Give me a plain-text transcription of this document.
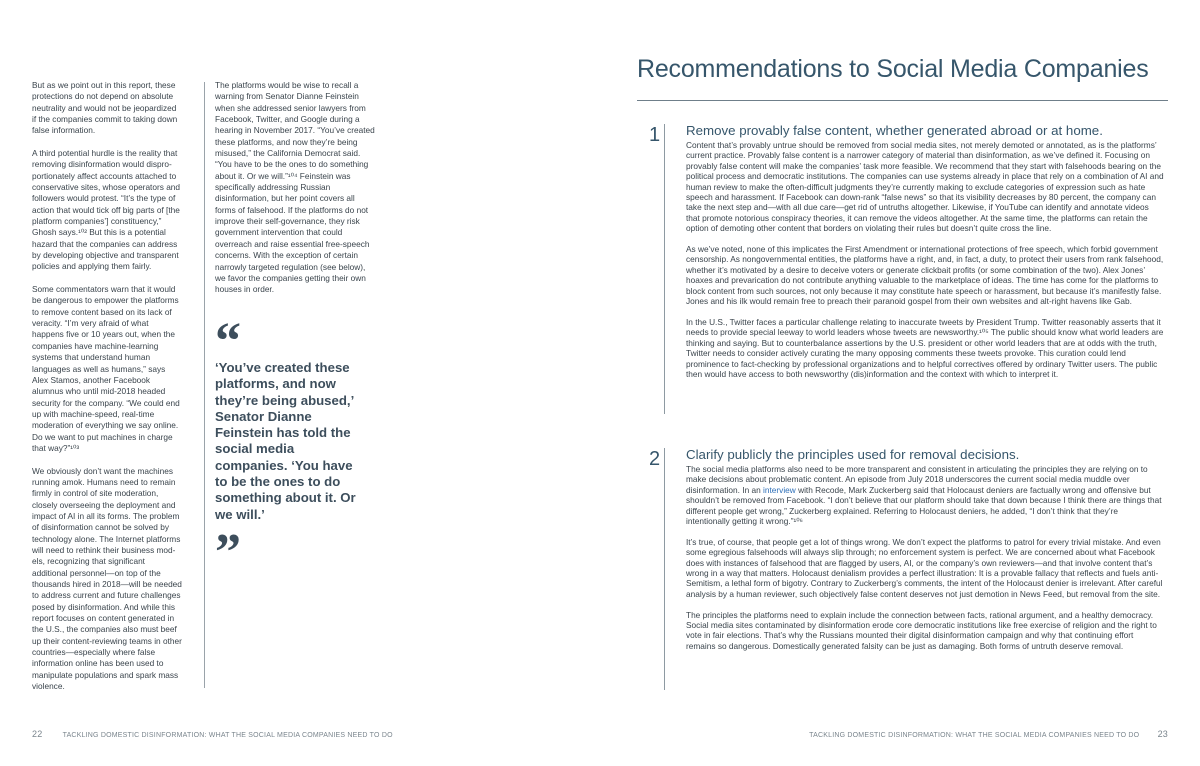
But as we point out in this report, these protections do not depend on absolute neutrality and would not be jeopardized if the companies commit to taking down false information.

A third potential hurdle is the reality that removing disinformation would disproportionately affect accounts attached to conservative sites, whose operators and followers would protest. “It’s the type of action that would tick off big parts of [the platform companies’] constituency,” Ghosh says.¹⁰² But this is a potential hazard that the companies can address by developing objective and transparent policies and applying them fairly.

Some commentators warn that it would be dangerous to empower the platforms to remove content based on its lack of veracity. “I’m very afraid of what happens five or 10 years out, when the companies have machine-learning systems that understand human languages as well as humans,” says Alex Stamos, another Facebook alumnus who until mid-2018 headed security for the company. “We could end up with machine-speed, real-time moderation of everything we say online. Do we want to put machines in charge that way?”¹⁰³

We obviously don’t want the machines running amok. Humans need to remain firmly in control of site moderation, closely overseeing the deployment and impact of AI in all its forms. The problem of disinformation cannot be solved by technology alone. The Internet platforms will need to rethink their business models, recognizing that significant additional personnel—on top of the thousands hired in 2018—will be needed to address current and future challenges posed by disinformation. And while this report focuses on content generated in the U.S., the companies also must beef up their content-reviewing teams in other countries—especially where false information online has been used to manipulate populations and spark mass violence.

The platforms would be wise to recall a warning from Senator Dianne Feinstein when she addressed senior lawyers from Facebook, Twitter, and Google during a hearing in November 2017. “You’ve created these platforms, and now they’re being misused,” the California Democrat said. “You have to be the ones to do something about it. Or we will.”¹⁰⁴ Feinstein was specifically addressing Russian disinformation, but her point covers all forms of falsehood. If the platforms do not improve their self-governance, they risk government intervention that could overreach and raise essential free-speech concerns. With the exception of certain narrowly targeted regulation (see below), we favor the companies getting their own houses in order.

“
‘You’ve created these platforms, and now they’re being abused,’ Senator Dianne Feinstein has told the social media companies. ‘You have to be the ones to do something about it. Or we will.’
”
22	TACKLING DOMESTIC DISINFORMATION: WHAT THE SOCIAL MEDIA COMPANIES NEED TO DO
Recommendations to Social Media Companies
1 Remove provably false content, whether generated abroad or at home.

Content that’s provably untrue should be removed from social media sites, not merely demoted or annotated, as is the platforms’ current practice. Provably false content is a narrower category of material than disinformation, as we’ve defined it. Focusing on provably false content will make the companies’ task more feasible. We recommend that they start with falsehoods bearing on the political process and democratic institutions. The companies can use systems already in place that rely on a combination of AI and human review to make the often-difficult judgments they’re currently making to exclude categories of expression such as hate speech and harassment. If Facebook can down-rank “false news” so that its visibility decreases by 80 percent, the company can take the next step and—with all due care—get rid of untruths altogether. Likewise, if YouTube can identify and annotate videos that promote notorious conspiracy theories, it can remove the videos altogether. At the same time, the platforms can retain the option of demoting other content that borders on violating their rules but doesn’t quite cross the line.

As we’ve noted, none of this implicates the First Amendment or international protections of free speech, which forbid government censorship. As nongovernmental entities, the platforms have a right, and, in fact, a duty, to protect their users from rank falsehood, whether it’s motivated by a desire to deceive voters or generate clickbait profits (or some combination of the two). Alex Jones’ hoaxes and prevarication do not contribute anything valuable to the marketplace of ideas. The time has come for the platforms to block content from such sources, not only because it may constitute hate speech or harassment, but because it’s manifestly false. Jones and his ilk would remain free to preach their paranoid gospel from their own websites and alt-right havens like Gab.

In the U.S., Twitter faces a particular challenge relating to inaccurate tweets by President Trump. Twitter reasonably asserts that it needs to provide special leeway to world leaders whose tweets are newsworthy.¹⁰⁵ The public should know what world leaders are thinking and saying. But to counterbalance assertions by the U.S. president or other world leaders that are at odds with the truth, Twitter needs to consider actively curating the many opposing comments these tweets provoke. This curation could lend prominence to fact-checking by professional organizations and to helpful correctives offered by ordinary Twitter users. The public then would have access to both newsworthy (dis)information and the context with which to interpret it.

2 Clarify publicly the principles used for removal decisions.

The social media platforms also need to be more transparent and consistent in articulating the principles they are relying on to make decisions about problematic content. An episode from July 2018 underscores the current social media muddle over disinformation. In an interview with Recode, Mark Zuckerberg said that Holocaust deniers are factually wrong and offensive but shouldn’t be removed from Facebook. “I don’t believe that our platform should take that down because I think there are things that different people get wrong,” Zuckerberg explained. Referring to Holocaust deniers, he added, “I don’t think that they’re intentionally getting it wrong.”¹⁰⁶

It’s true, of course, that people get a lot of things wrong. We don’t expect the platforms to patrol for every trivial mistake. And even some egregious falsehoods will always slip through; no enforcement system is perfect. We are concerned about what Facebook does with instances of falsehood that are flagged by users, AI, or the company’s own reviewers—and that involve content that’s wrong in a way that matters. Holocaust denialism provides a perfect illustration: It is a provable fallacy that reflects and fuels anti-Semitism, a lethal form of bigotry. Contrary to Zuckerberg’s comments, the intent of the Holocaust denier is irrelevant. After careful analysis by a human reviewer, such objectively false content deserves not just demotion in News Feed, but removal from the site.

The principles the platforms need to explain include the connection between facts, rational argument, and a healthy democracy. Social media sites contaminated by disinformation erode core democratic institutions like free exercise of religion and the right to vote in fair elections. That’s why the Russians mounted their digital disinformation campaign and why that continuing effort remains so dangerous. Domestically generated falsity can be just as damaging. Both forms of untruth deserve removal.

TACKLING DOMESTIC DISINFORMATION: WHAT THE SOCIAL MEDIA COMPANIES NEED TO DO 23
